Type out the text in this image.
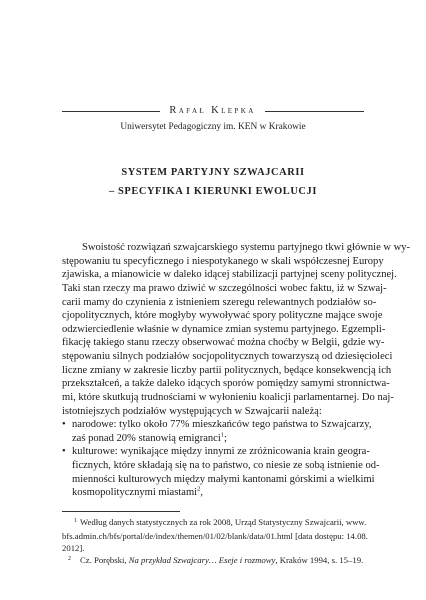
Rafał Klepka
Uniwersytet Pedagogiczny im. KEN w Krakowie
SYSTEM PARTYJNY SZWAJCARII
– SPECYFIKA I KIERUNKI EWOLUCJI
Swoistość rozwiązań szwajcarskiego systemu partyjnego tkwi głównie w wy-
stępowaniu tu specyficznego i niespotykanego w skali współczesnej Europy
zjawiska, a mianowicie w daleko idącej stabilizacji partyjnej sceny politycznej.
Taki stan rzeczy ma prawo dziwić w szczególności wobec faktu, iż w Szwaj-
carii mamy do czynienia z istnieniem szeregu relewantnych podziałów so-
cjopolitycznych, które mogłyby wywoływać spory polityczne mające swoje
odzwierciedlenie właśnie w dynamice zmian systemu partyjnego. Egzempli-
fikację takiego stanu rzeczy obserwować można choćby w Belgii, gdzie wy-
stępowaniu silnych podziałów socjopolitycznych towarzyszą od dziesięcioleci
liczne zmiany w zakresie liczby partii politycznych, będące konsekwencją ich
przekształceń, a także daleko idących sporów pomiędzy samymi stronnictwa-
mi, które skutkują trudnościami w wyłonieniu koalicji parlamentarnej. Do naj-
istotniejszych podziałów występujących w Szwajcarii należą:
• narodowe: tylko około 77% mieszkańców tego państwa to Szwajcarzy,
zaś ponad 20% stanowią emigranci$^1$;
• kulturowe: wynikające między innymi ze zróżnicowania krain geogra-
ficznych, które składają się na to państwo, co niesie ze sobą istnienie od-
mienności kulturowych między małymi kantonami górskimi a wielkimi
kosmopolitycznymi miastami$^2$,
1 Według danych statystycznych za rok 2008, Urząd Statystyczny Szwajcarii, www.
bfs.admin.ch/bfs/portal/de/index/themen/01/02/blank/data/01.html [data dostępu: 14.08.
2012].
2 Cz. Porębski, Na przykład Szwajcary… Eseje i rozmowy, Kraków 1994, s. 15–19.
